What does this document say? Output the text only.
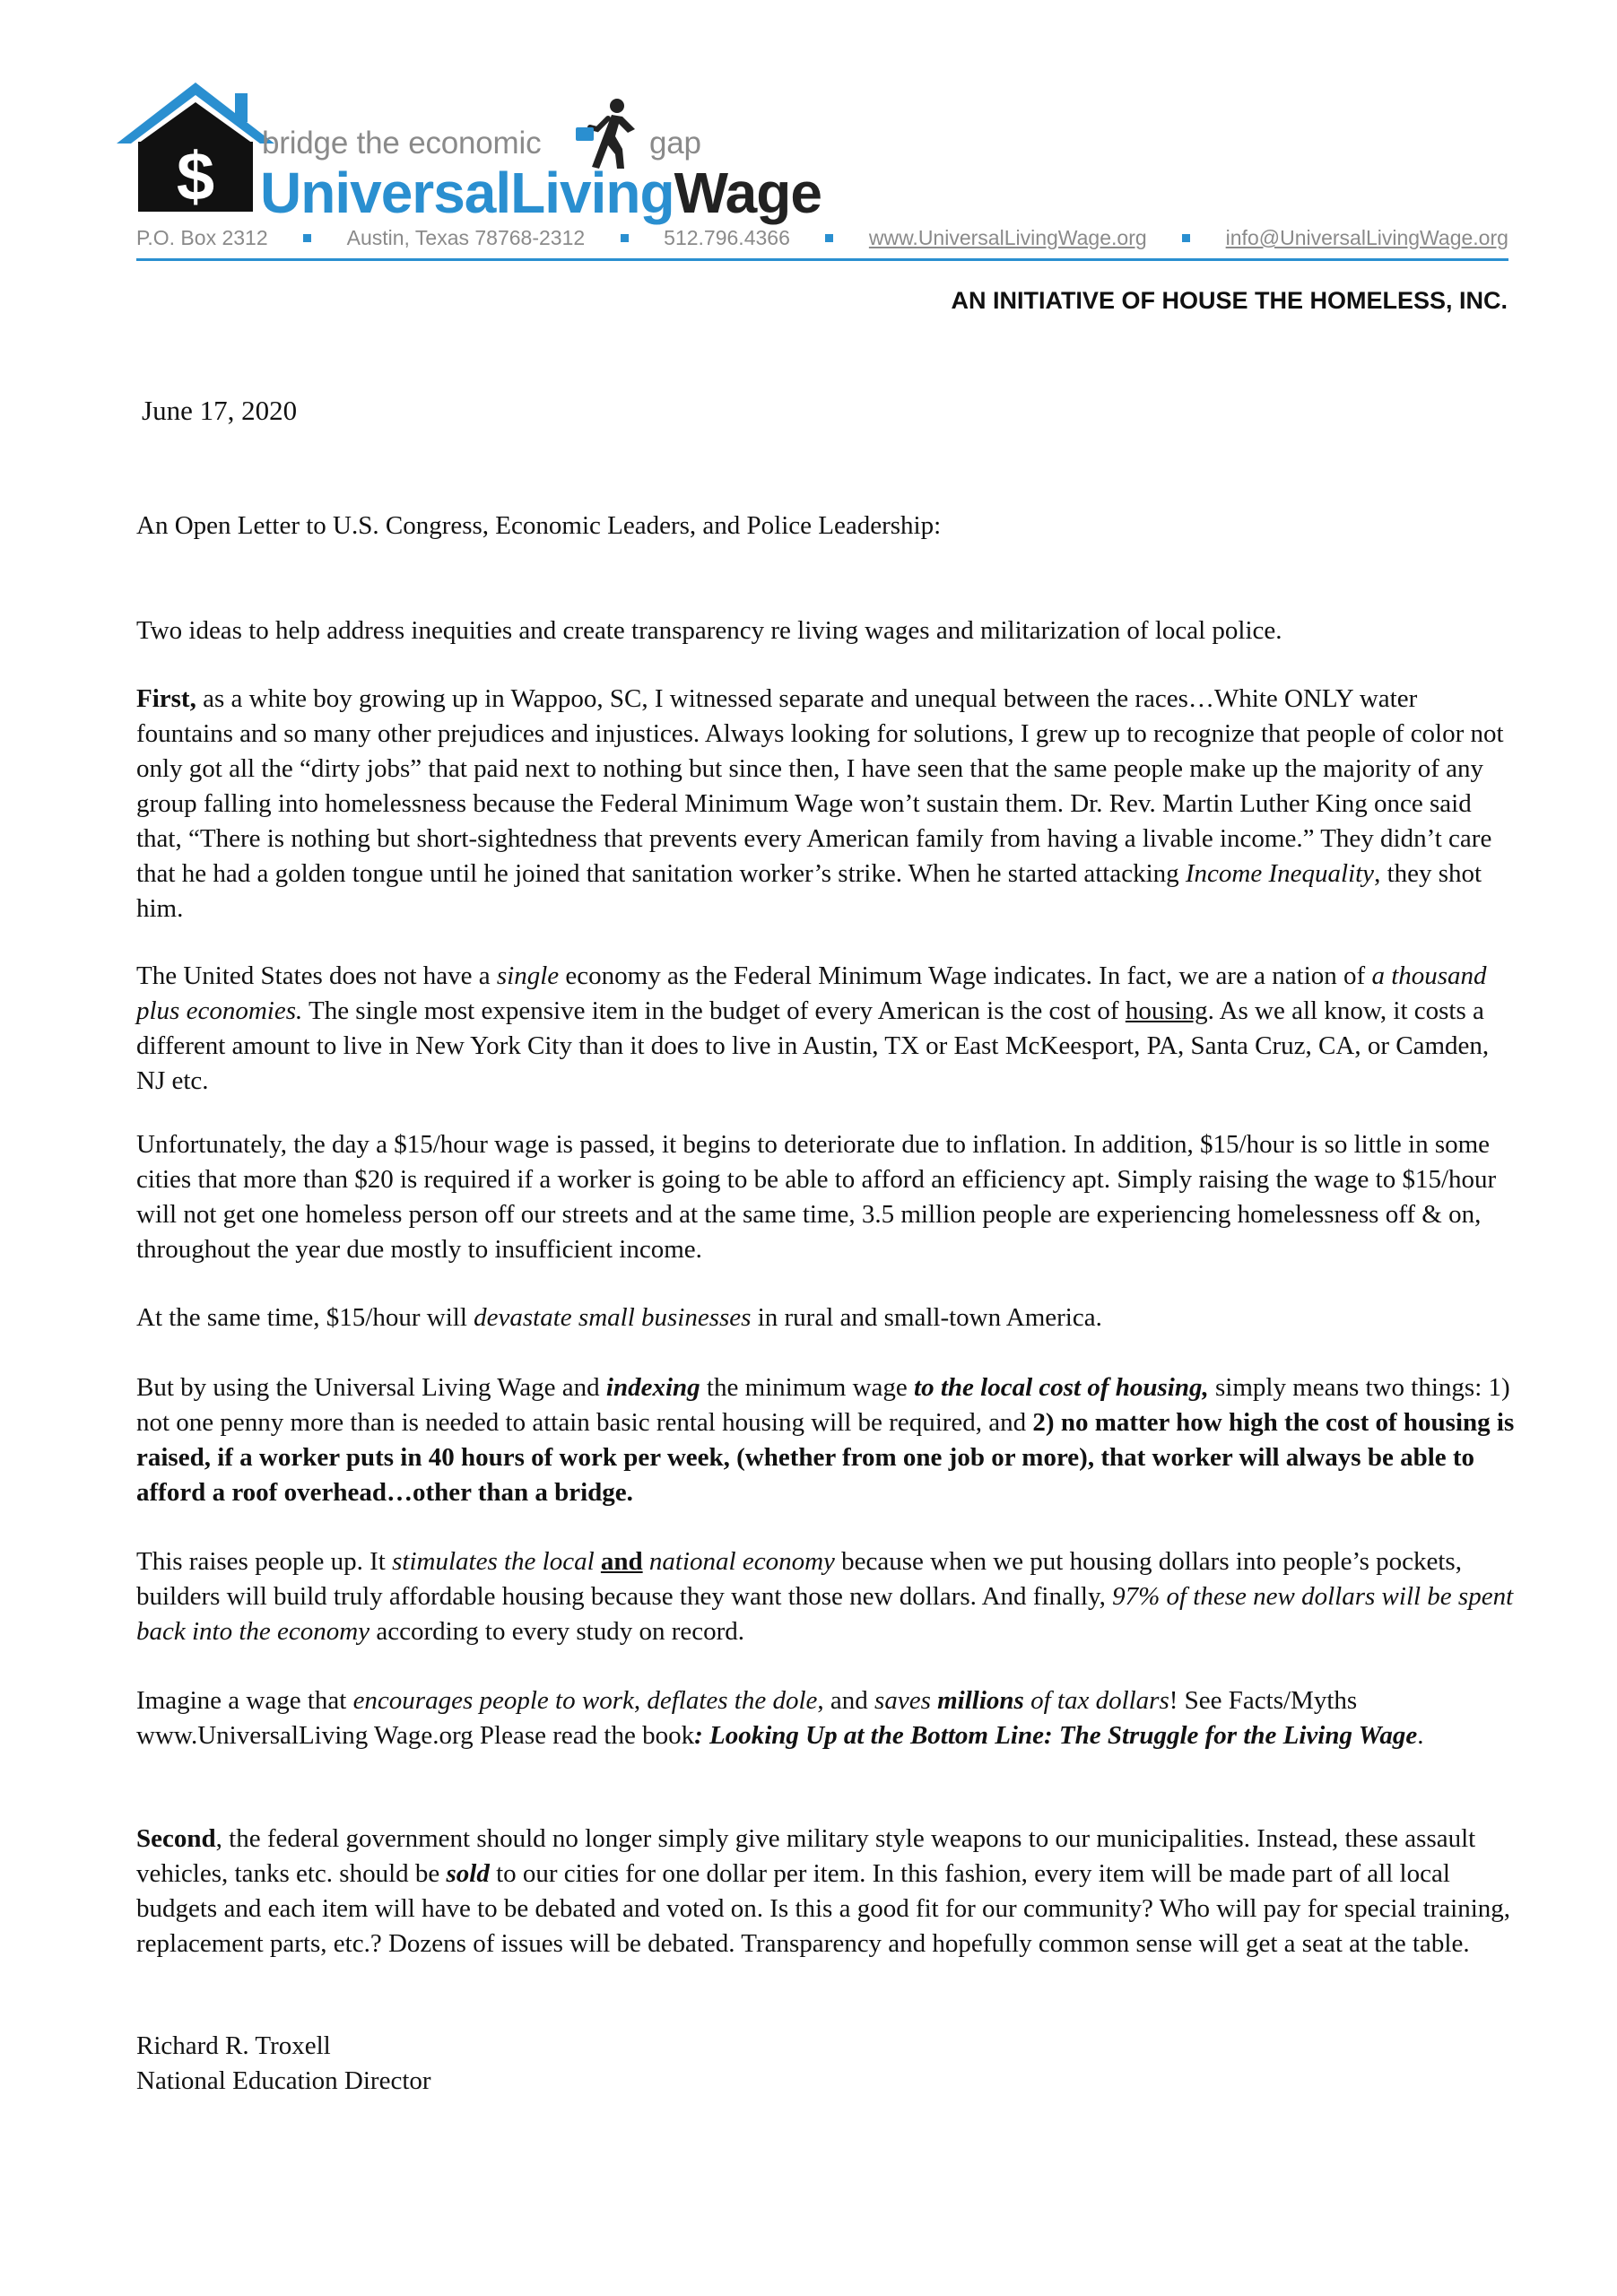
$ bridge the economic	gap
UniversalLivingWage
P.O. Box 2312	Austin, Texas 78768-2312	512.796.4366	www.UniversalLivingWage.org	info@UniversalLivingWage.org
AN INITIATIVE OF HOUSE THE HOMELESS, INC.
June 17, 2020
An Open Letter to U.S. Congress, Economic Leaders, and Police Leadership:
Two ideas to help address inequities and create transparency re living wages and militarization of local police.

First, as a white boy growing up in Wappoo, SC, I witnessed separate and unequal between the races…White ONLY water fountains and so many other prejudices and injustices. Always looking for solutions, I grew up to recognize that people of color not only got all the “dirty jobs” that paid next to nothing but since then, I have seen that the same people make up the majority of any group falling into homelessness because the Federal Minimum Wage won’t sustain them. Dr. Rev. Martin Luther King once said that, “There is nothing but short-sightedness that prevents every American family from having a livable income.” They didn’t care that he had a golden tongue until he joined that sanitation worker’s strike. When he started attacking Income Inequality, they shot him.

The United States does not have a single economy as the Federal Minimum Wage indicates. In fact, we are a nation of a thousand plus economies. The single most expensive item in the budget of every American is the cost of housing. As we all know, it costs a different amount to live in New York City than it does to live in Austin, TX or East McKeesport, PA, Santa Cruz, CA, or Camden, NJ etc.

Unfortunately, the day a $15/hour wage is passed, it begins to deteriorate due to inflation. In addition, $15/hour is so little in some cities that more than $20 is required if a worker is going to be able to afford an efficiency apt. Simply raising the wage to $15/hour will not get one homeless person off our streets and at the same time, 3.5 million people are experiencing homelessness off & on, throughout the year due mostly to insufficient income.

At the same time, $15/hour will devastate small businesses in rural and small-town America.

But by using the Universal Living Wage and indexing the minimum wage to the local cost of housing, simply means two things: 1) not one penny more than is needed to attain basic rental housing will be required, and 2) no matter how high the cost of housing is raised, if a worker puts in 40 hours of work per week, (whether from one job or more), that worker will always be able to afford a roof overhead…other than a bridge.

This raises people up. It stimulates the local and national economy because when we put housing dollars into people’s pockets, builders will build truly affordable housing because they want those new dollars. And finally, 97% of these new dollars will be spent back into the economy according to every study on record.

Imagine a wage that encourages people to work, deflates the dole, and saves millions of tax dollars! See Facts/Myths www.UniversalLiving Wage.org Please read the book: Looking Up at the Bottom Line: The Struggle for the Living Wage.

Second, the federal government should no longer simply give military style weapons to our municipalities. Instead, these assault vehicles, tanks etc. should be sold to our cities for one dollar per item. In this fashion, every item will be made part of all local budgets and each item will have to be debated and voted on. Is this a good fit for our community? Who will pay for special training, replacement parts, etc.? Dozens of issues will be debated. Transparency and hopefully common sense will get a seat at the table.

Richard R. Troxell

National Education Director
